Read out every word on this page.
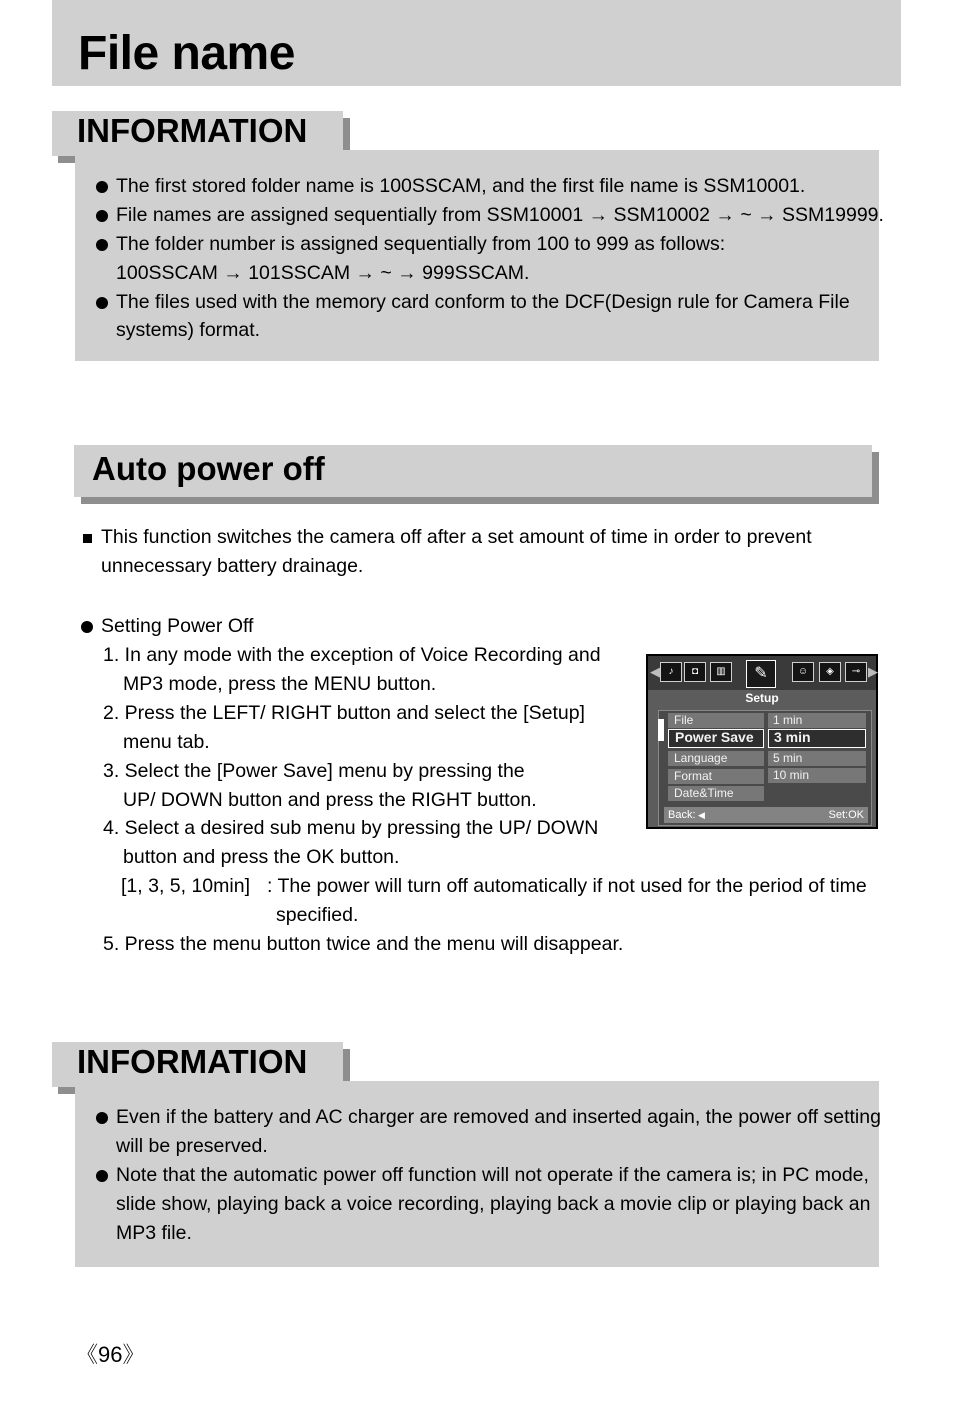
File name
INFORMATION
The first stored folder name is 100SSCAM, and the first file name is SSM10001.
File names are assigned sequentially from SSM10001 → SSM10002 → ~ → SSM19999.
The folder number is assigned sequentially from 100 to 999 as follows:
100SSCAM → 101SSCAM → ~ → 999SSCAM.
The files used with the memory card conform to the DCF(Design rule for Camera File
systems) format.
Auto power off
This function switches the camera off after a set amount of time in order to prevent
unnecessary battery drainage.
Setting Power Off
1. In any mode with the exception of Voice Recording and
MP3 mode, press the MENU button.
2. Press the LEFT/ RIGHT button and select the [Setup]
menu tab.
3. Select the [Power Save] menu by pressing the
UP/ DOWN button and press the RIGHT button.
4. Select a desired sub menu by pressing the UP/ DOWN
button and press the OK button.
[1, 3, 5, 10min] : The power will turn off automatically if not used for the period of time
specified.
5. Press the menu button twice and the menu will disappear.
◀ ♪	◘	▥	✎	☺	◈	⊸ ▶
Setup
File
Power Save
Language
Format
Date&Time
1 min
3 min
5 min
10 min
Back: ◀	Set:OK
INFORMATION
Even if the battery and AC charger are removed and inserted again, the power off setting
will be preserved.
Note that the automatic power off function will not operate if the camera is; in PC mode,
slide show, playing back a voice recording, playing back a movie clip or playing back an
MP3 file.
《96》
